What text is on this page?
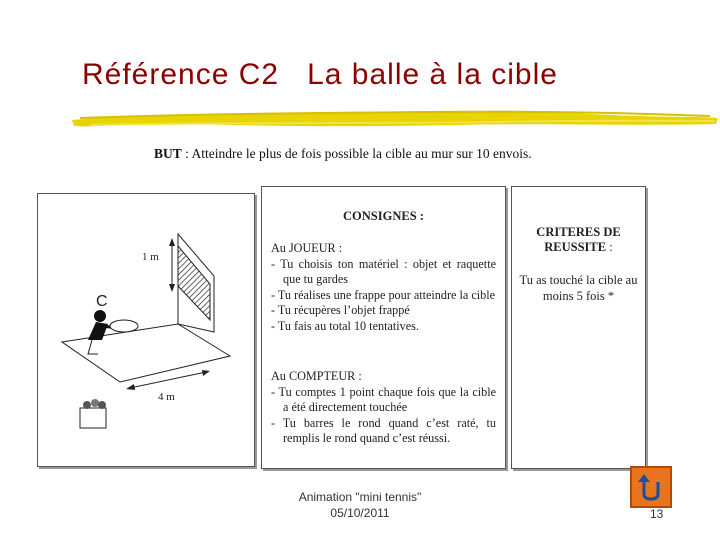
Référence C2   La balle à la cible
BUT : Atteindre le plus de fois possible la cible au mur sur 10 envois.
1 m
4 m
C
CONSIGNES :
Au JOUEUR :
- Tu choisis ton matériel : objet et raquette que tu gardes
- Tu réalises une frappe pour atteindre la cible
- Tu récupères l’objet frappé
- Tu fais au total 10 tentatives.
Au COMPTEUR :
- Tu comptes 1 point chaque fois que la cible a été directement touchée
- Tu barres le rond quand c’est raté, tu remplis le rond quand c’est réussi.
CRITERES DE REUSSITE :
Tu as touché la cible au moins 5 fois *
Animation "mini tennis"
05/10/2011	13
